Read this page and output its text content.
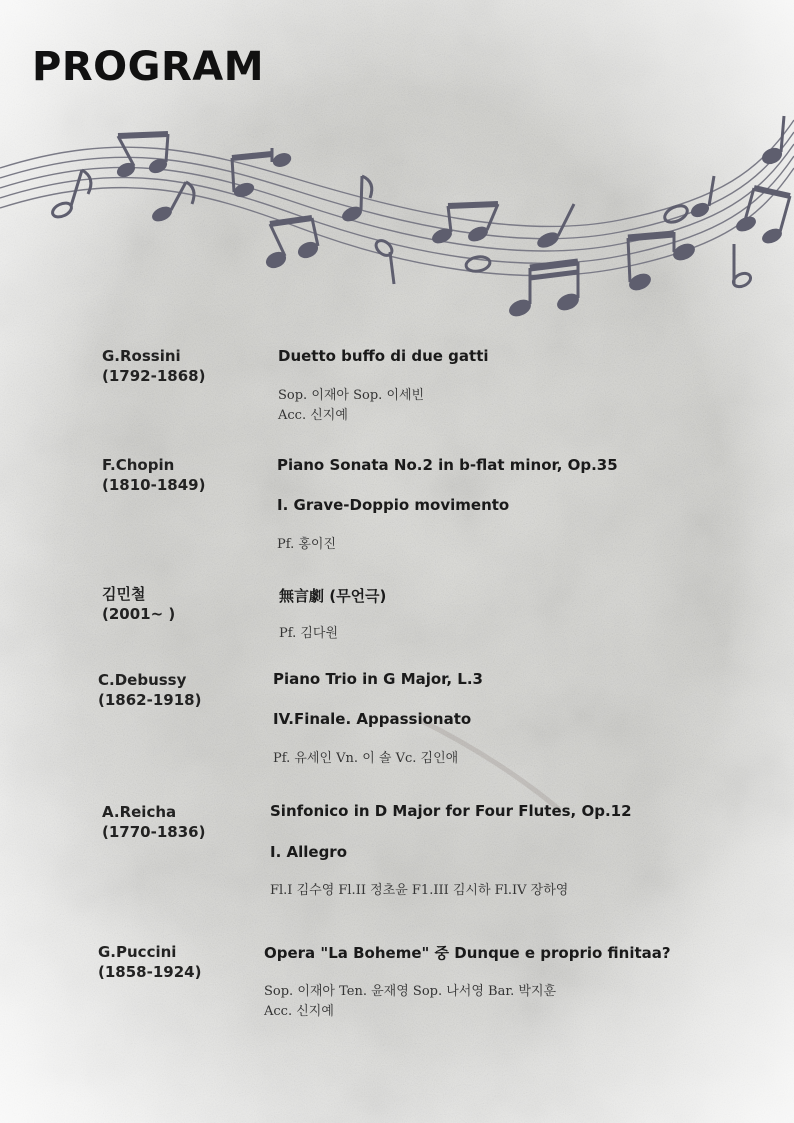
PROGRAM
G.Rossini
(1792-1868)
Duetto buffo di due gatti
Sop. 이재아 Sop. 이세빈
Acc. 신지예
F.Chopin
(1810-1849)
Piano Sonata No.2 in b-flat minor, Op.35
I. Grave-Doppio movimento
Pf. 홍이진
김민철
(2001~ )
無言劇 (무언극)
Pf. 김다원
C.Debussy
(1862-1918)
Piano Trio in G Major, L.3
IV.Finale. Appassionato
Pf. 유세인 Vn. 이 솔 Vc. 김인애
A.Reicha
(1770-1836)
Sinfonico in D Major for Four Flutes, Op.12
I. Allegro
Fl.I 김수영 Fl.II 정초윤 F1.III 김시하 Fl.IV 장하영
G.Puccini
(1858-1924)
Opera "La Boheme" 중 Dunque e proprio finitaa?
Sop. 이재아 Ten. 윤재영 Sop. 나서영 Bar. 박지훈
Acc. 신지예
